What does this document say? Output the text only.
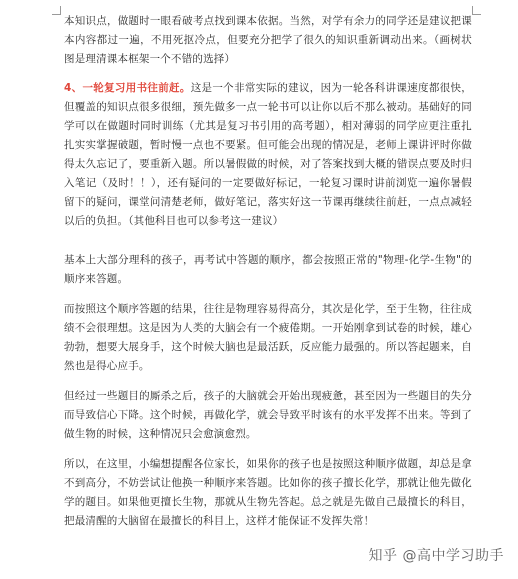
本知识点，做题时一眼看破考点找到课本依据。当然，对学有余力的同学还是建议把课本内容都过一遍，不用死抠冷点，但要充分把学了很久的知识重新调动出来。（画树状图是理清课本框架一个不错的选择）

4、一轮复习用书往前赶。这是一个非常实际的建议，因为一轮各科讲课速度都很快，但覆盖的知识点很多很细，预先做多一点一轮书可以让你以后不那么被动。基础好的同学可以在做题时同时训练（尤其是复习书引用的高考题），相对薄弱的同学应更注重扎扎实实掌握破题，暂时慢一点也不要紧。但可能会出现的情况是，老师上课讲评时你做得太久忘记了，要重新入题。所以暑假做的时候，对了答案找到大概的错误点要及时归入笔记（及时！！），还有疑问的一定要做好标记，一轮复习课时讲前浏览一遍你暑假留下的疑问，课堂问清楚老师，做好笔记，落实好这一节课再继续往前赶，一点点减轻以后的负担。（其他科目也可以参考这一建议）

基本上大部分理科的孩子，再考试中答题的顺序，都会按照正常的"物理-化学-生物"的顺序来答题。

而按照这个顺序答题的结果，往往是物理容易得高分，其次是化学，至于生物，往往成绩不会很理想。这是因为人类的大脑会有一个疲倦期。一开始刚拿到试卷的时候，雄心勃勃，想要大展身手，这个时候大脑也是最活跃，反应能力最强的。所以答起题来，自然也是得心应手。

但经过一些题目的厮杀之后，孩子的大脑就会开始出现疲惫，甚至因为一些题目的失分而导致信心下降。这个时候，再做化学，就会导致平时该有的水平发挥不出来。等到了做生物的时候，这种情况只会愈演愈烈。

所以，在这里，小编想提醒各位家长，如果你的孩子也是按照这种顺序做题，却总是拿不到高分，不妨尝试让他换一种顺序来答题。比如你的孩子擅长化学，那就让他先做化学的题目。如果他更擅长生物，那就从生物先答起。总之就是先做自己最擅长的科目，把最清醒的大脑留在最擅长的科目上，这样才能保证不发挥失常！

知乎 @高中学习助手
